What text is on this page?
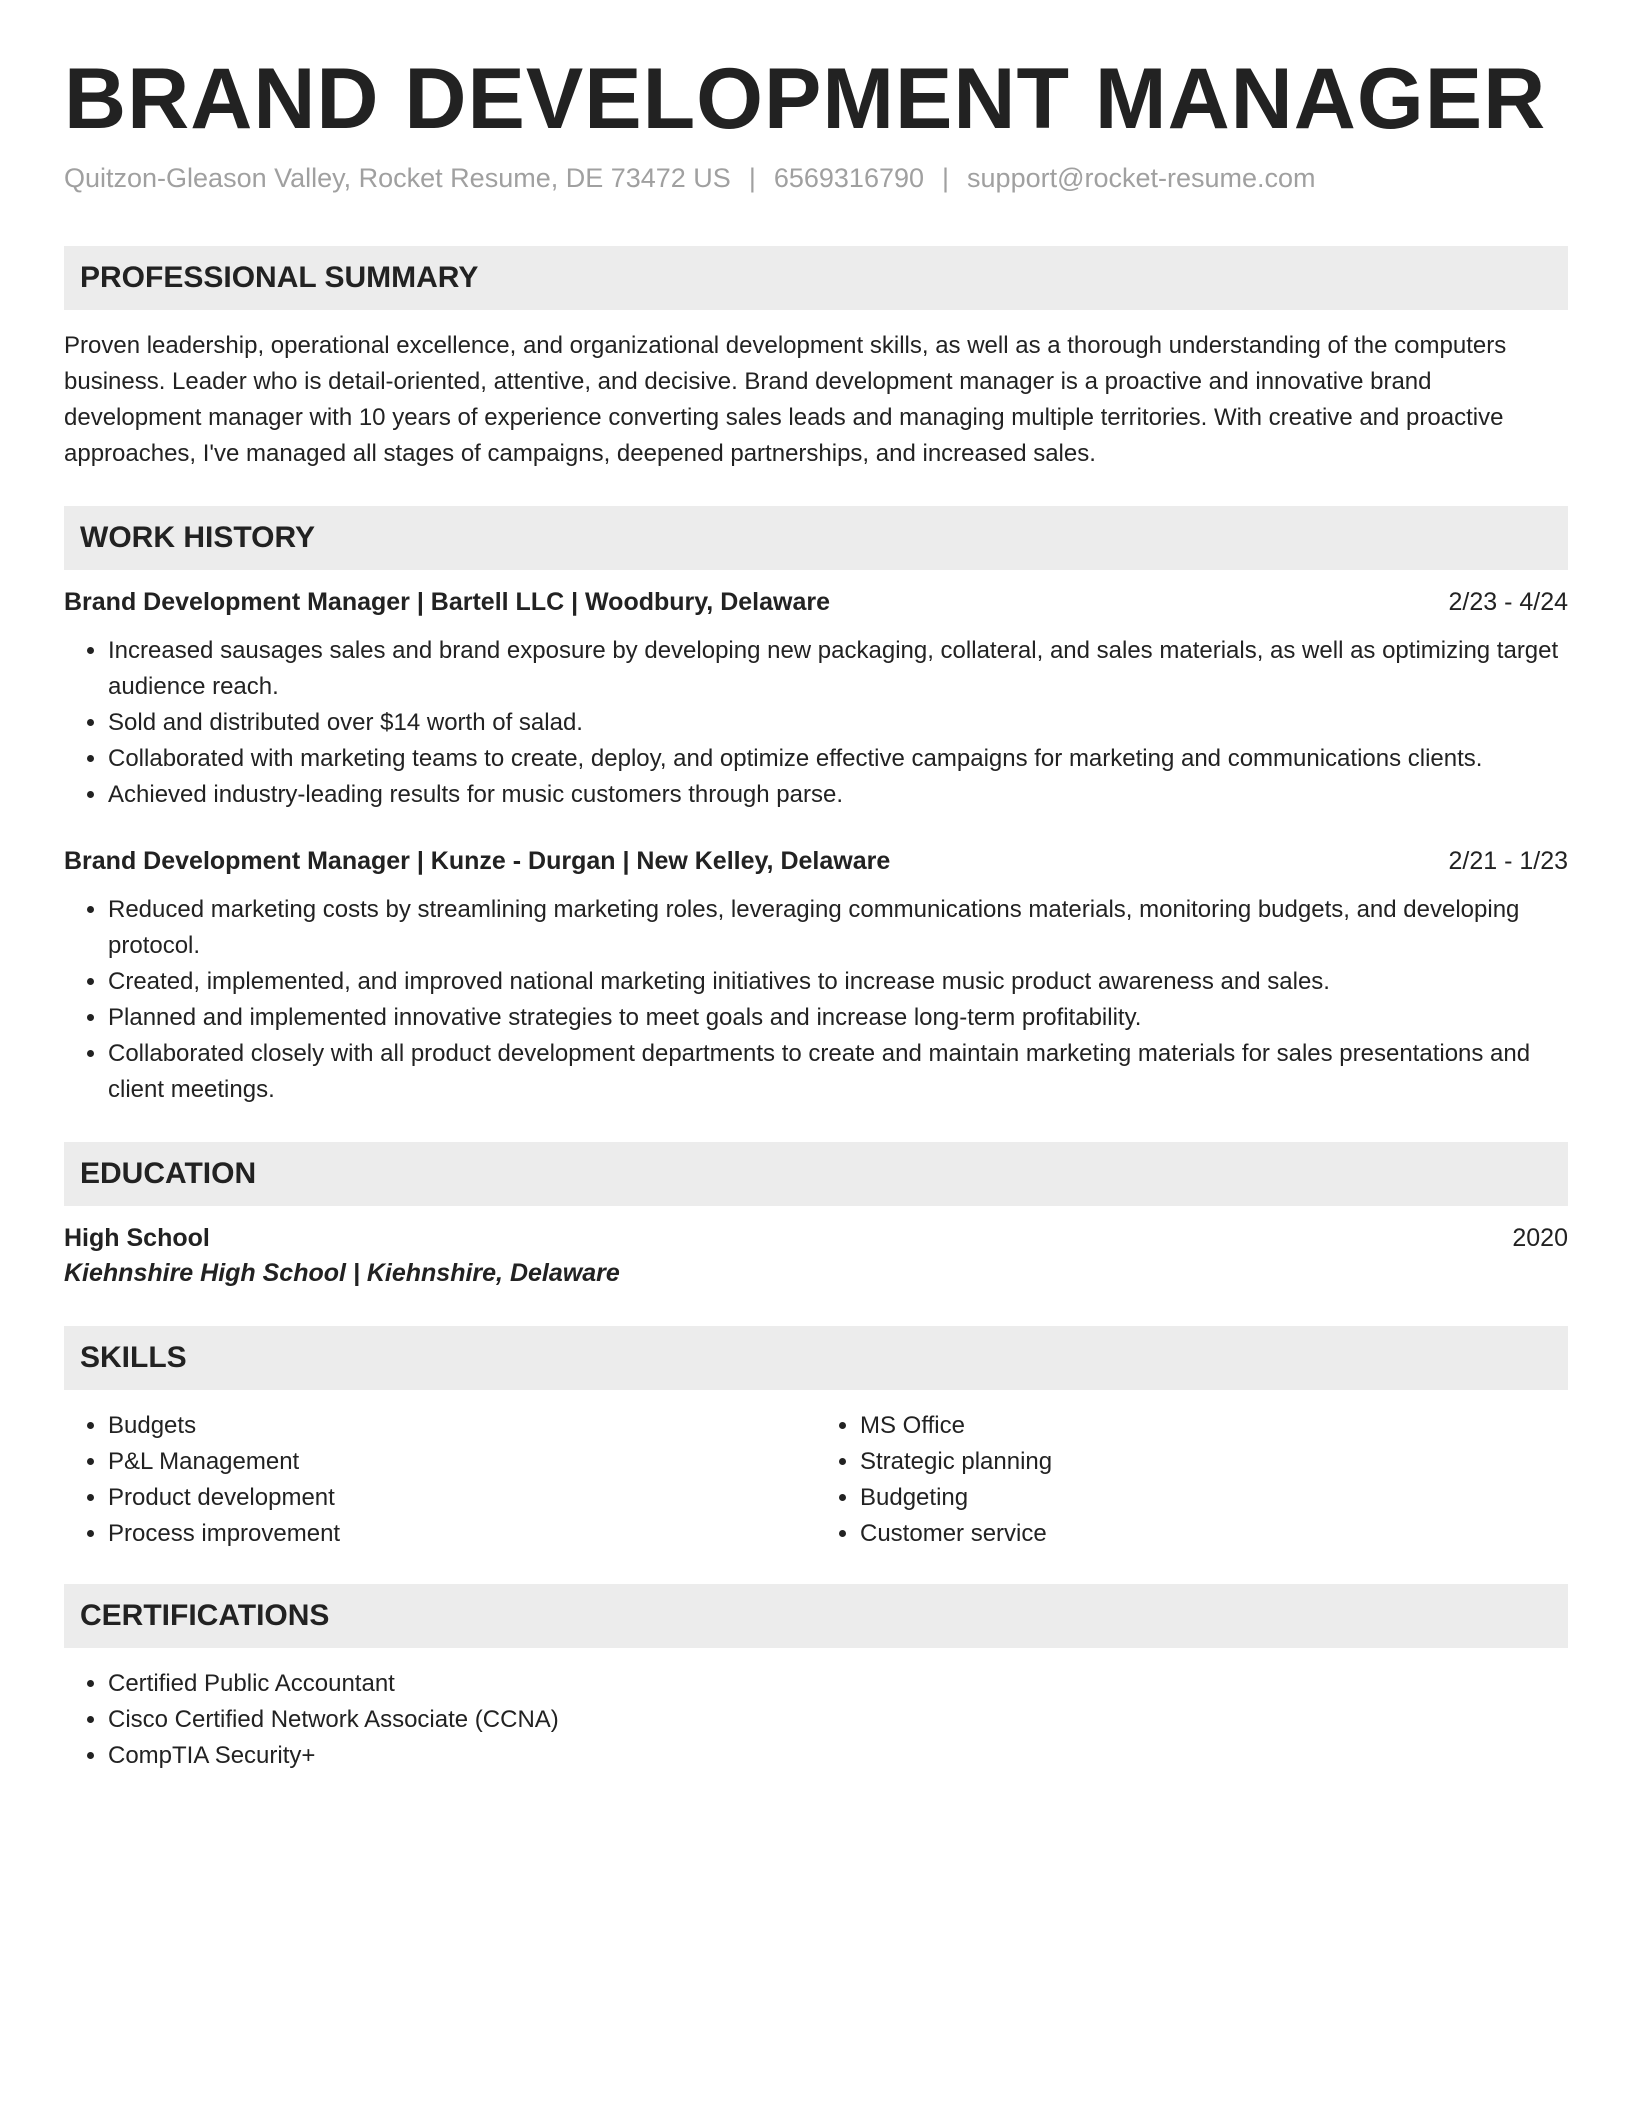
BRAND DEVELOPMENT MANAGER
Quitzon-Gleason Valley, Rocket Resume, DE 73472 US | 6569316790 | support@rocket-resume.com
PROFESSIONAL SUMMARY

Proven leadership, operational excellence, and organizational development skills, as well as a thorough understanding of the computers business. Leader who is detail-oriented, attentive, and decisive. Brand development manager is a proactive and innovative brand development manager with 10 years of experience converting sales leads and managing multiple territories. With creative and proactive approaches, I've managed all stages of campaigns, deepened partnerships, and increased sales.

WORK HISTORY
Brand Development Manager | Bartell LLC | Woodbury, Delaware	2/23 - 4/24
• Increased sausages sales and brand exposure by developing new packaging, collateral, and sales materials, as well as optimizing target audience reach.
• Sold and distributed over $14 worth of salad.
• Collaborated with marketing teams to create, deploy, and optimize effective campaigns for marketing and communications clients.
• Achieved industry-leading results for music customers through parse.
Brand Development Manager | Kunze - Durgan | New Kelley, Delaware	2/21 - 1/23
• Reduced marketing costs by streamlining marketing roles, leveraging communications materials, monitoring budgets, and developing protocol.
• Created, implemented, and improved national marketing initiatives to increase music product awareness and sales.
• Planned and implemented innovative strategies to meet goals and increase long-term profitability.
• Collaborated closely with all product development departments to create and maintain marketing materials for sales presentations and client meetings.
EDUCATION
High School	2020
Kiehnshire High School | Kiehnshire, Delaware
SKILLS
• Budgets
• P&L Management
• Product development
• Process improvement
• MS Office
• Strategic planning
• Budgeting
• Customer service
CERTIFICATIONS
• Certified Public Accountant
• Cisco Certified Network Associate (CCNA)
• CompTIA Security+
